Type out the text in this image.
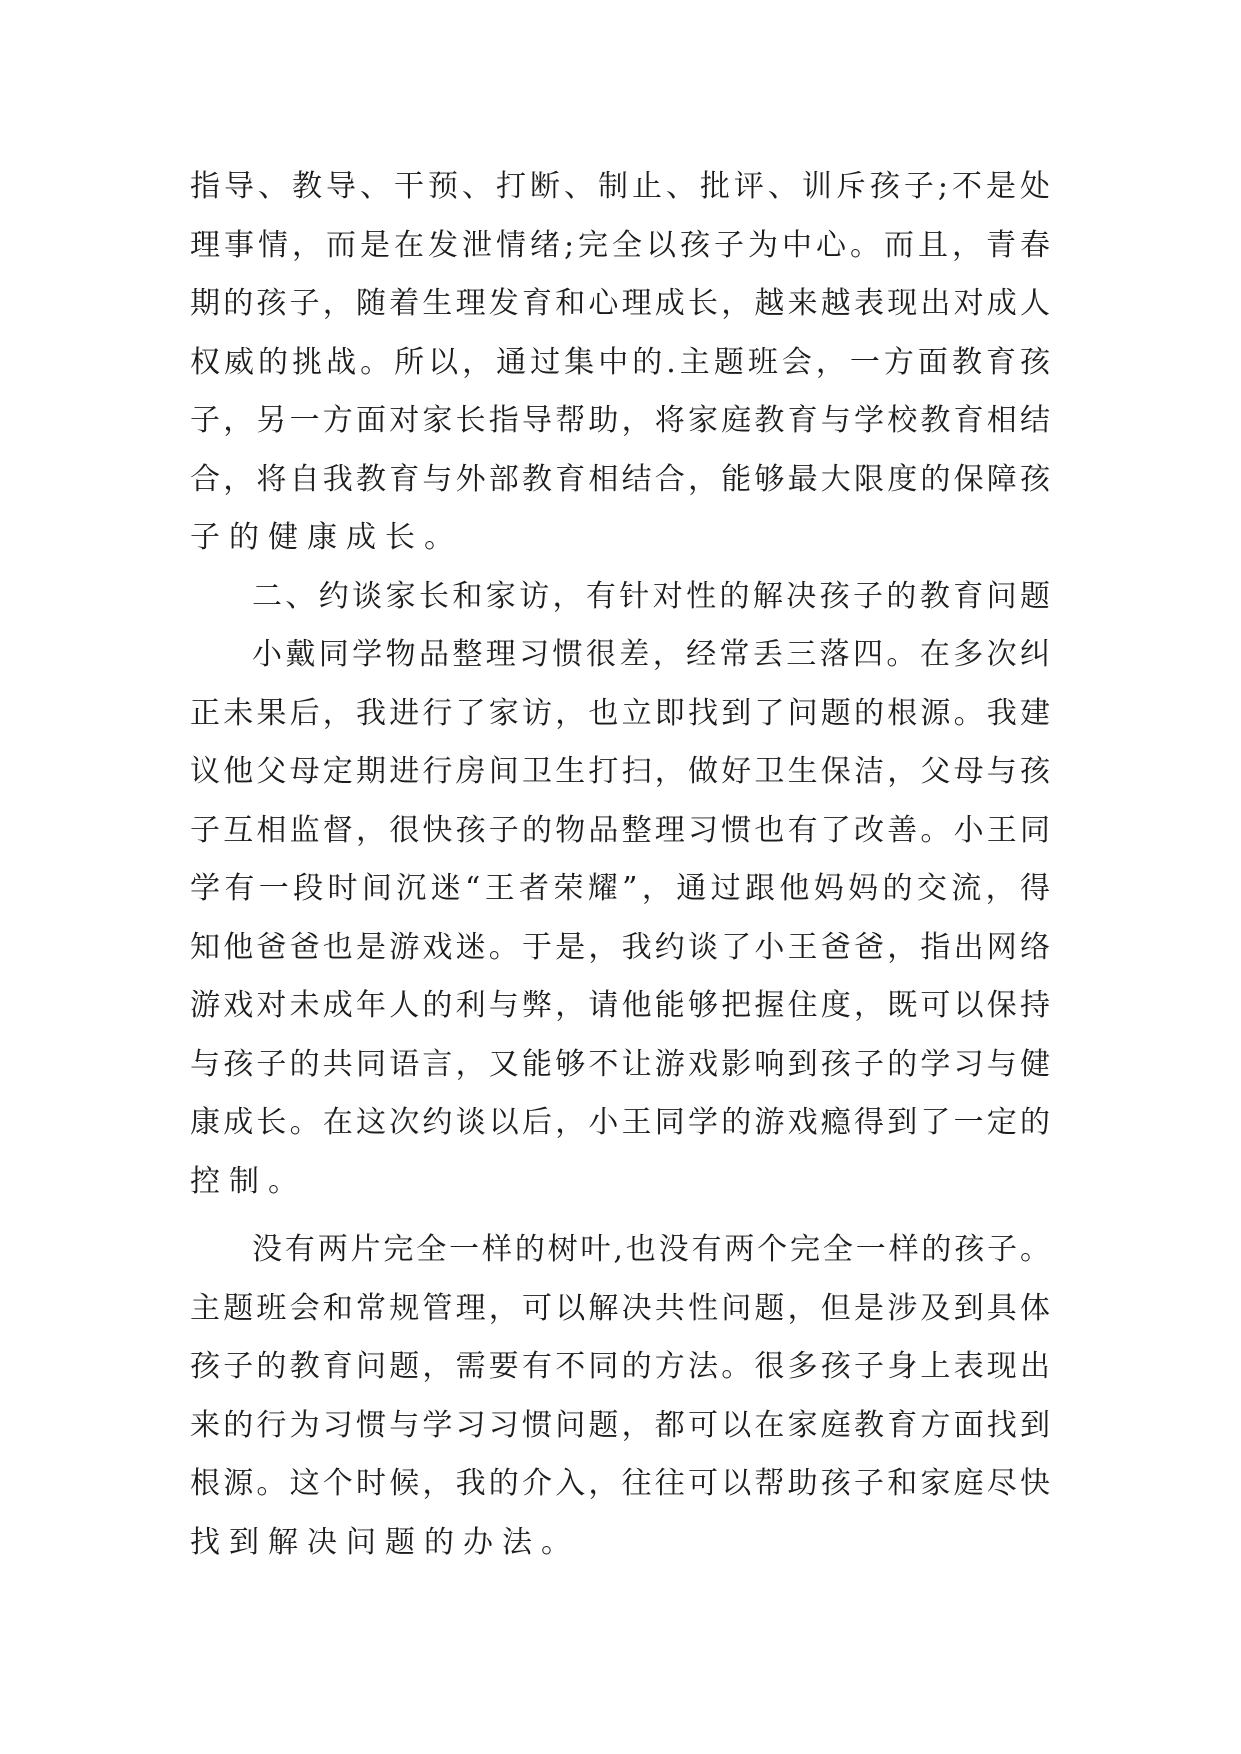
指导、教导、干预、打断、制止、批评、训斥孩子;不是处
理事情，而是在发泄情绪;完全以孩子为中心。而且，青春
期的孩子，随着生理发育和心理成长，越来越表现出对成人
权威的挑战。所以，通过集中的.主题班会，一方面教育孩
子，另一方面对家长指导帮助，将家庭教育与学校教育相结
合，将自我教育与外部教育相结合，能够最大限度的保障孩
子的健康成长。
二、约谈家长和家访，有针对性的解决孩子的教育问题
小戴同学物品整理习惯很差，经常丢三落四。在多次纠
正未果后，我进行了家访，也立即找到了问题的根源。我建
议他父母定期进行房间卫生打扫，做好卫生保洁，父母与孩
子互相监督，很快孩子的物品整理习惯也有了改善。小王同
学有一段时间沉迷“王者荣耀”，通过跟他妈妈的交流，得
知他爸爸也是游戏迷。于是，我约谈了小王爸爸，指出网络
游戏对未成年人的利与弊，请他能够把握住度，既可以保持
与孩子的共同语言，又能够不让游戏影响到孩子的学习与健
康成长。在这次约谈以后，小王同学的游戏瘾得到了一定的
控制。
没有两片完全一样的树叶,也没有两个完全一样的孩子。
主题班会和常规管理，可以解决共性问题，但是涉及到具体
孩子的教育问题，需要有不同的方法。很多孩子身上表现出
来的行为习惯与学习习惯问题，都可以在家庭教育方面找到
根源。这个时候，我的介入，往往可以帮助孩子和家庭尽快
找到解决问题的办法。
